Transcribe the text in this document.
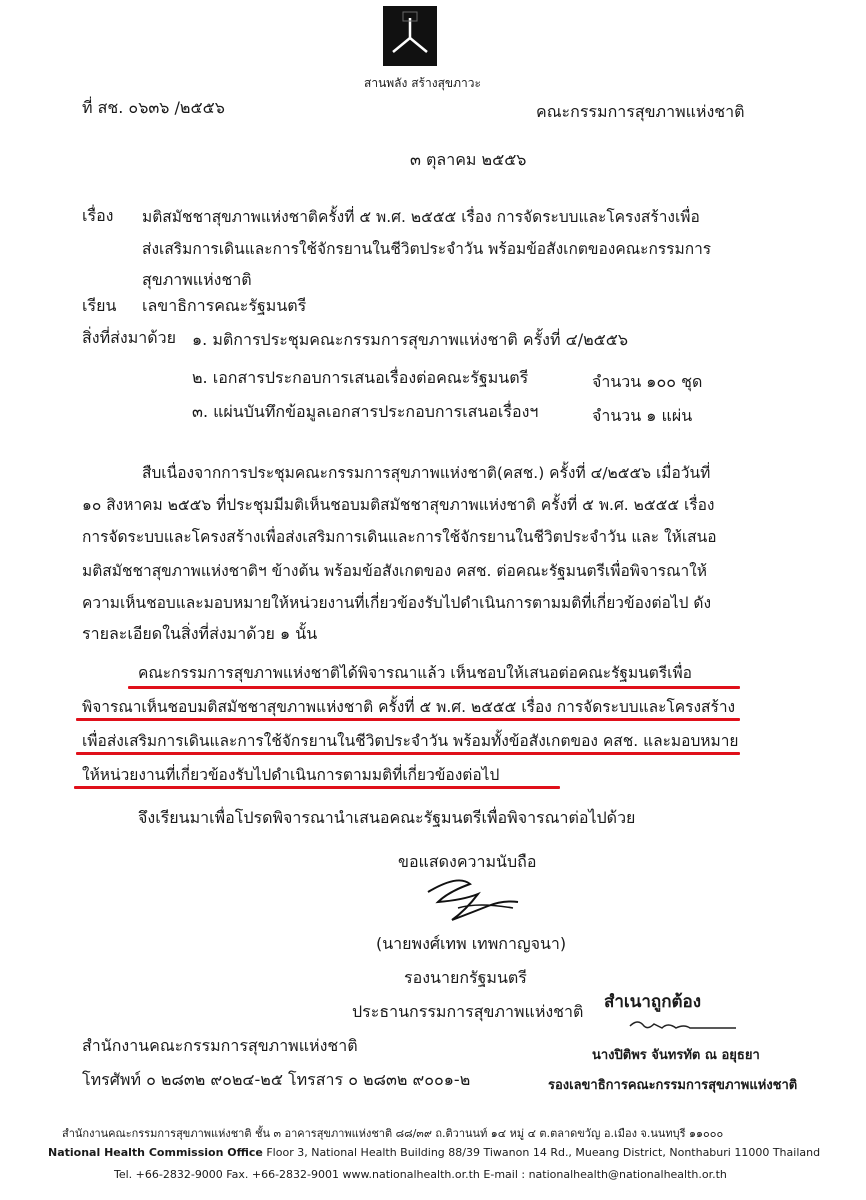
สานพลัง สร้างสุขภาวะ
ที่ สช. ๐๖๓๖ /๒๕๕๖	คณะกรรมการสุขภาพแห่งชาติ
๓ ตุลาคม ๒๕๕๖
เรื่อง มติสมัชชาสุขภาพแห่งชาติครั้งที่ ๕ พ.ศ. ๒๕๕๕ เรื่อง การจัดระบบและโครงสร้างเพื่อ
ส่งเสริมการเดินและการใช้จักรยานในชีวิตประจำวัน พร้อมข้อสังเกตของคณะกรรมการ
สุขภาพแห่งชาติ
เรียน เลขาธิการคณะรัฐมนตรี
สิ่งที่ส่งมาด้วย ๑. มติการประชุมคณะกรรมการสุขภาพแห่งชาติ ครั้งที่ ๔/๒๕๕๖
๒. เอกสารประกอบการเสนอเรื่องต่อคณะรัฐมนตรี	จำนวน ๑๐๐ ชุด
๓. แผ่นบันทึกข้อมูลเอกสารประกอบการเสนอเรื่องฯ	จำนวน ๑ แผ่น
สืบเนื่องจากการประชุมคณะกรรมการสุขภาพแห่งชาติ(คสช.) ครั้งที่ ๔/๒๕๕๖ เมื่อวันที่
๑๐ สิงหาคม ๒๕๕๖ ที่ประชุมมีมติเห็นชอบมติสมัชชาสุขภาพแห่งชาติ ครั้งที่ ๕ พ.ศ. ๒๕๕๕ เรื่อง
การจัดระบบและโครงสร้างเพื่อส่งเสริมการเดินและการใช้จักรยานในชีวิตประจำวัน และ ให้เสนอ
มติสมัชชาสุขภาพแห่งชาติฯ ข้างต้น พร้อมข้อสังเกตของ คสช. ต่อคณะรัฐมนตรีเพื่อพิจารณาให้
ความเห็นชอบและมอบหมายให้หน่วยงานที่เกี่ยวข้องรับไปดำเนินการตามมติที่เกี่ยวข้องต่อไป ดัง
รายละเอียดในสิ่งที่ส่งมาด้วย ๑ นั้น
คณะกรรมการสุขภาพแห่งชาติได้พิจารณาแล้ว เห็นชอบให้เสนอต่อคณะรัฐมนตรีเพื่อ
พิจารณาเห็นชอบมติสมัชชาสุขภาพแห่งชาติ ครั้งที่ ๕ พ.ศ. ๒๕๕๕ เรื่อง การจัดระบบและโครงสร้าง
เพื่อส่งเสริมการเดินและการใช้จักรยานในชีวิตประจำวัน พร้อมทั้งข้อสังเกตของ คสช. และมอบหมาย
ให้หน่วยงานที่เกี่ยวข้องรับไปดำเนินการตามมติที่เกี่ยวข้องต่อไป
จึงเรียนมาเพื่อโปรดพิจารณานำเสนอคณะรัฐมนตรีเพื่อพิจารณาต่อไปด้วย
ขอแสดงความนับถือ
(นายพงศ์เทพ เทพกาญจนา)
รองนายกรัฐมนตรี
ประธานกรรมการสุขภาพแห่งชาติ สำเนาถูกต้อง
นางปิติพร จันทรทัต ณ อยุธยา
รองเลขาธิการคณะกรรมการสุขภาพแห่งชาติ
สำนักงานคณะกรรมการสุขภาพแห่งชาติ
โทรศัพท์ ๐ ๒๘๓๒ ๙๐๒๔-๒๕ โทรสาร ๐ ๒๘๓๒ ๙๐๐๑-๒
สำนักงานคณะกรรมการสุขภาพแห่งชาติ ชั้น ๓ อาคารสุขภาพแห่งชาติ ๘๘/๓๙ ถ.ติวานนท์ ๑๔ หมู่ ๔ ต.ตลาดขวัญ อ.เมือง จ.นนทบุรี ๑๑๐๐๐
National Health Commission Office Floor 3, National Health Building 88/39 Tiwanon 14 Rd., Mueang District, Nonthaburi 11000 Thailand
Tel. +66-2832-9000 Fax. +66-2832-9001 www.nationalhealth.or.th E-mail : nationalhealth@nationalhealth.or.th
